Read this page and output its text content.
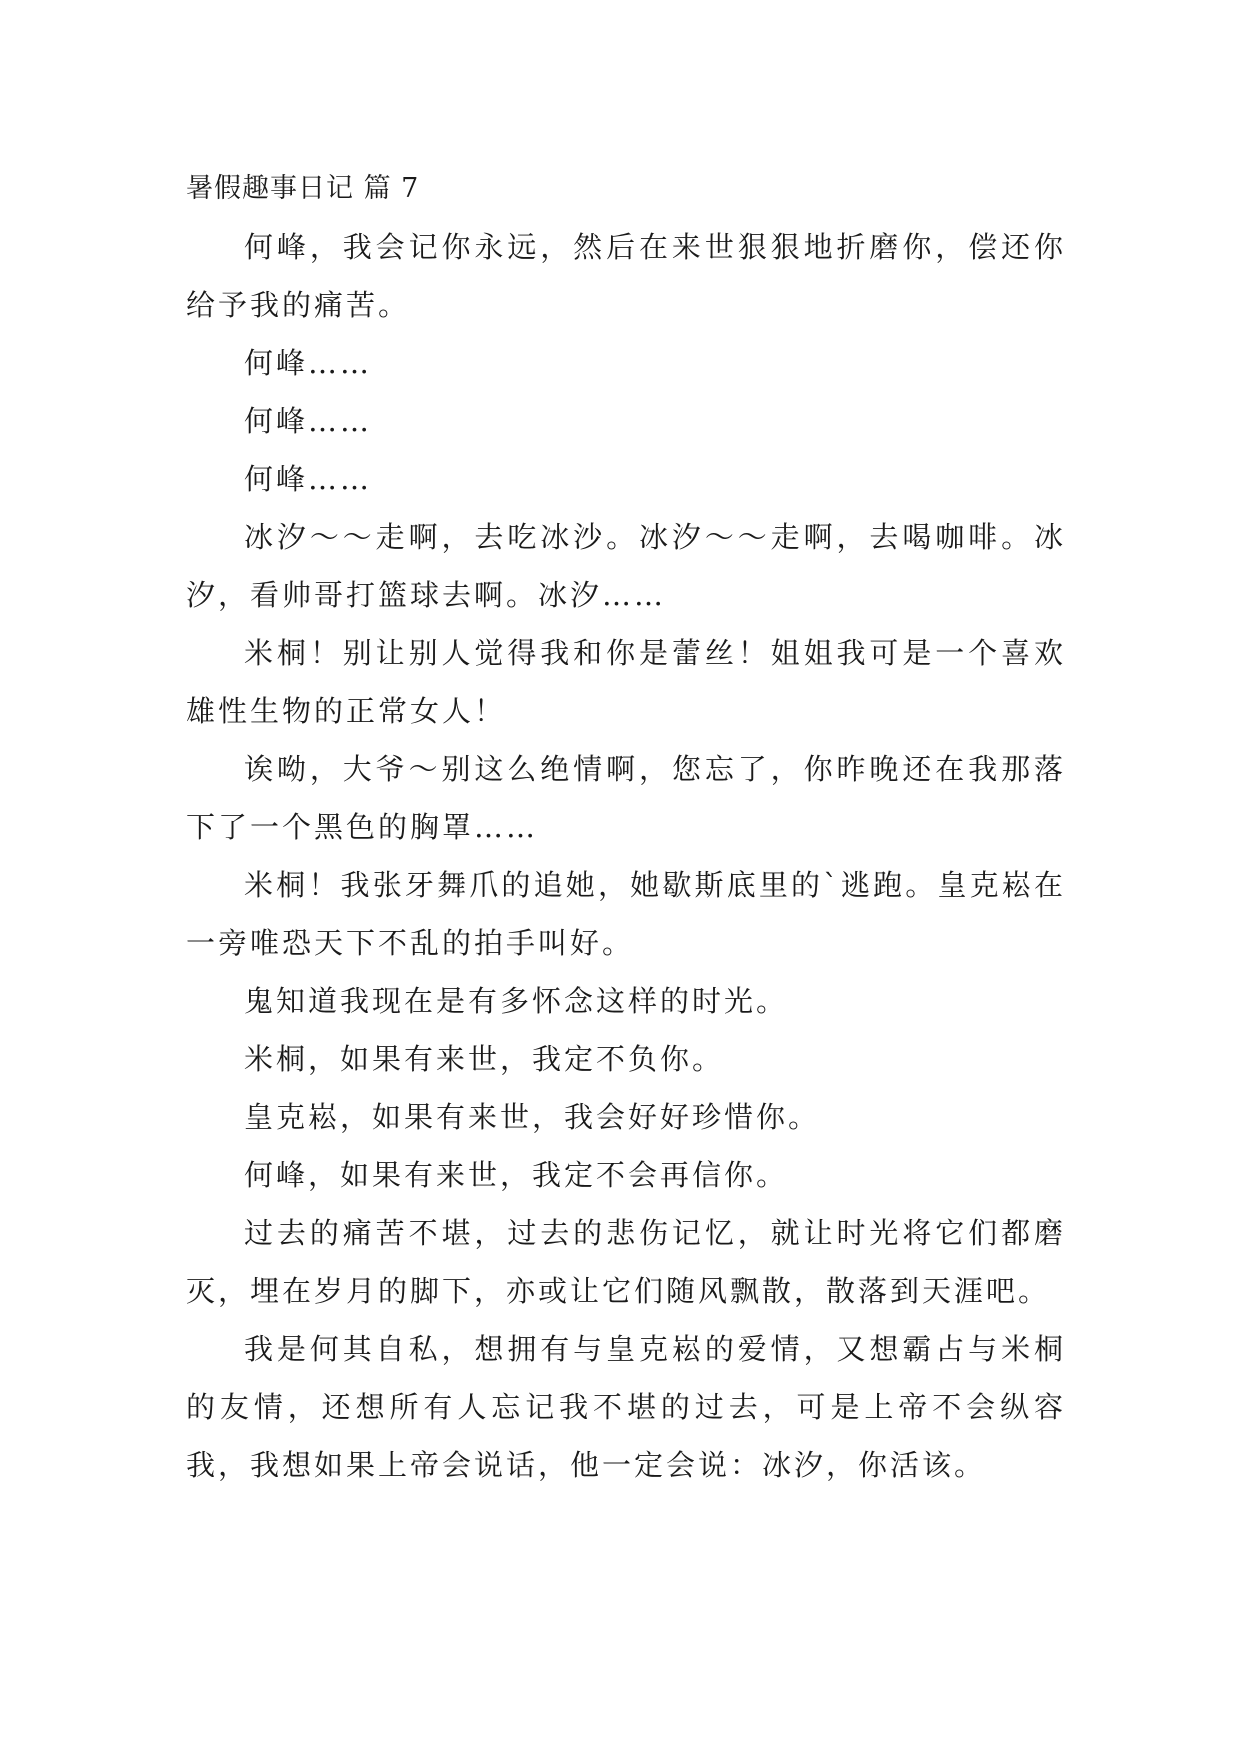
暑假趣事日记 篇 7

何峰，我会记你永远，然后在来世狠狠地折磨你，偿还你给予我的痛苦。

何峰……

何峰……

何峰……

冰汐～～走啊，去吃冰沙。冰汐～～走啊，去喝咖啡。冰汐，看帅哥打篮球去啊。冰汐……

米桐！别让别人觉得我和你是蕾丝！姐姐我可是一个喜欢雄性生物的正常女人！

诶呦，大爷～别这么绝情啊，您忘了，你昨晚还在我那落下了一个黑色的胸罩……

米桐！我张牙舞爪的追她，她歇斯底里的`逃跑。皇克崧在一旁唯恐天下不乱的拍手叫好。

鬼知道我现在是有多怀念这样的时光。

米桐，如果有来世，我定不负你。

皇克崧，如果有来世，我会好好珍惜你。

何峰，如果有来世，我定不会再信你。

过去的痛苦不堪，过去的悲伤记忆，就让时光将它们都磨灭，埋在岁月的脚下，亦或让它们随风飘散，散落到天涯吧。

我是何其自私，想拥有与皇克崧的爱情，又想霸占与米桐的友情，还想所有人忘记我不堪的过去，可是上帝不会纵容我，我想如果上帝会说话，他一定会说：冰汐，你活该。
